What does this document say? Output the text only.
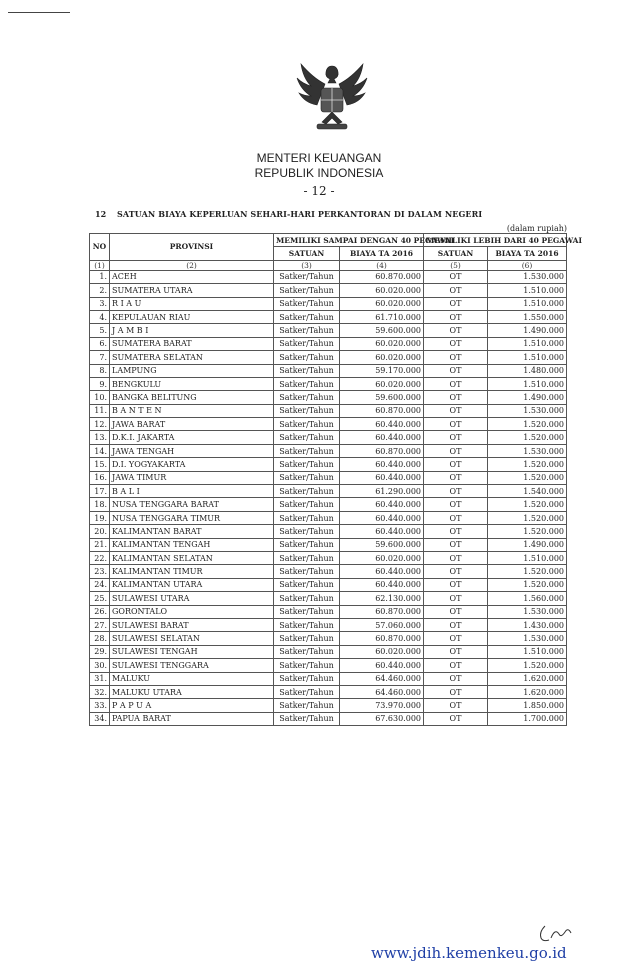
MENTERI KEUANGAN
REPUBLIK INDONESIA
- 12 -
12 SATUAN BIAYA KEPERLUAN SEHARI-HARI PERKANTORAN DI DALAM NEGERI
(dalam rupiah)
NO	PROVINSI	MEMILIKI SAMPAI DENGAN 40 PEGAWAI		MEMILIKI LEBIH DARI 40 PEGAWAI	
		SATUAN	BIAYA TA 2016	SATUAN	BIAYA TA 2016
(1)	(2)	(3)	(4)	(5)	(6)
1.	ACEH	Satker/Tahun	60.870.000	OT	1.530.000
2.	SUMATERA UTARA	Satker/Tahun	60.020.000	OT	1.510.000
3.	R I A U	Satker/Tahun	60.020.000	OT	1.510.000
4.	KEPULAUAN RIAU	Satker/Tahun	61.710.000	OT	1.550.000
5.	J A M B I	Satker/Tahun	59.600.000	OT	1.490.000
6.	SUMATERA BARAT	Satker/Tahun	60.020.000	OT	1.510.000
7.	SUMATERA SELATAN	Satker/Tahun	60.020.000	OT	1.510.000
8.	LAMPUNG	Satker/Tahun	59.170.000	OT	1.480.000
9.	BENGKULU	Satker/Tahun	60.020.000	OT	1.510.000
10.	BANGKA BELITUNG	Satker/Tahun	59.600.000	OT	1.490.000
11.	B A N T E N	Satker/Tahun	60.870.000	OT	1.530.000
12.	JAWA BARAT	Satker/Tahun	60.440.000	OT	1.520.000
13.	D.K.I. JAKARTA	Satker/Tahun	60.440.000	OT	1.520.000
14.	JAWA TENGAH	Satker/Tahun	60.870.000	OT	1.530.000
15.	D.I. YOGYAKARTA	Satker/Tahun	60.440.000	OT	1.520.000
16.	JAWA TIMUR	Satker/Tahun	60.440.000	OT	1.520.000
17.	B A L I	Satker/Tahun	61.290.000	OT	1.540.000
18.	NUSA TENGGARA BARAT	Satker/Tahun	60.440.000	OT	1.520.000
19.	NUSA TENGGARA TIMUR	Satker/Tahun	60.440.000	OT	1.520.000
20.	KALIMANTAN BARAT	Satker/Tahun	60.440.000	OT	1.520.000
21.	KALIMANTAN TENGAH	Satker/Tahun	59.600.000	OT	1.490.000
22.	KALIMANTAN SELATAN	Satker/Tahun	60.020.000	OT	1.510.000
23.	KALIMANTAN TIMUR	Satker/Tahun	60.440.000	OT	1.520.000
24.	KALIMANTAN UTARA	Satker/Tahun	60.440.000	OT	1.520.000
25.	SULAWESI UTARA	Satker/Tahun	62.130.000	OT	1.560.000
26.	GORONTALO	Satker/Tahun	60.870.000	OT	1.530.000
27.	SULAWESI BARAT	Satker/Tahun	57.060.000	OT	1.430.000
28.	SULAWESI SELATAN	Satker/Tahun	60.870.000	OT	1.530.000
29.	SULAWESI TENGAH	Satker/Tahun	60.020.000	OT	1.510.000
30.	SULAWESI TENGGARA	Satker/Tahun	60.440.000	OT	1.520.000
31.	MALUKU	Satker/Tahun	64.460.000	OT	1.620.000
32.	MALUKU UTARA	Satker/Tahun	64.460.000	OT	1.620.000
33.	P A P U A	Satker/Tahun	73.970.000	OT	1.850.000
34.	PAPUA BARAT	Satker/Tahun	67.630.000	OT	1.700.000
www.jdih.kemenkeu.go.id
